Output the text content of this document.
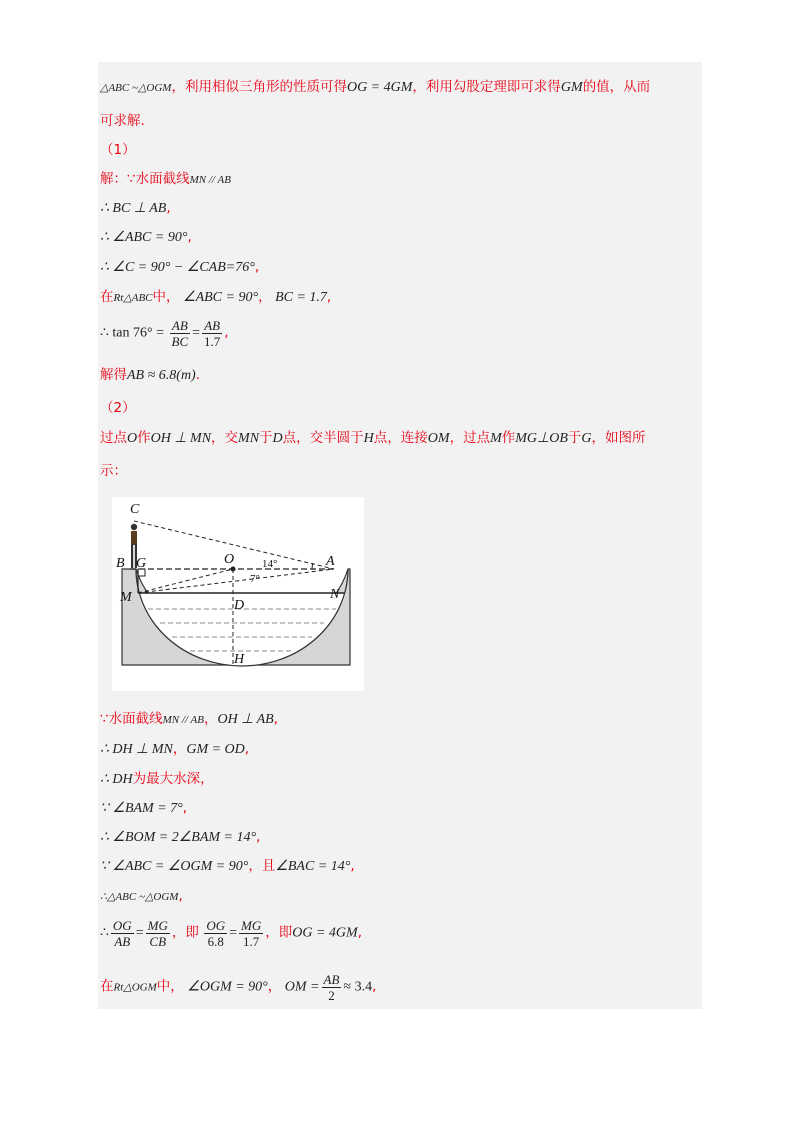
△ABC ~△OGM，利用相似三角形的性质可得OG = 4GM，利用勾股定理即可求得GM的值，从而
可求解.
（1）
解：∵水面截线MN // AB
∴ BC ⊥ AB,
∴ ∠ABC = 90°,
∴ ∠C = 90° − ∠CAB=76°,
在Rt△ABC中， ∠ABC = 90°， BC = 1.7,
∴ $\tan 76^\circ = \frac{AB}{BC} = \frac{AB}{1.7}$ ,
解得AB ≈ 6.8(m).
（2）
过点O作OH ⊥ MN，交MN于D点，交半圆于H点，连接OM，过点M作MG⊥OB于G，如图所
示：
C
B G	O	A
M	N
D
H
14°
7°
∵水面截线MN // AB，OH ⊥ AB,
∴ DH ⊥ MN，GM = OD,
∴ DH为最大水深，
∵ ∠BAM = 7°,
∴ ∠BOM = 2∠BAM = 14°,
∵ ∠ABC = ∠OGM = 90°，且∠BAC = 14°,
∴△ABC ~△OGM,
∴ $\frac{OG}{AB} = \frac{MG}{CB}$ ，即 $\frac{OG}{6.8} = \frac{MG}{1.7}$ ，即OG = 4GM,
在Rt△OGM中， ∠OGM = 90°， OM = $\frac{AB}{2} \approx 3.4$,
